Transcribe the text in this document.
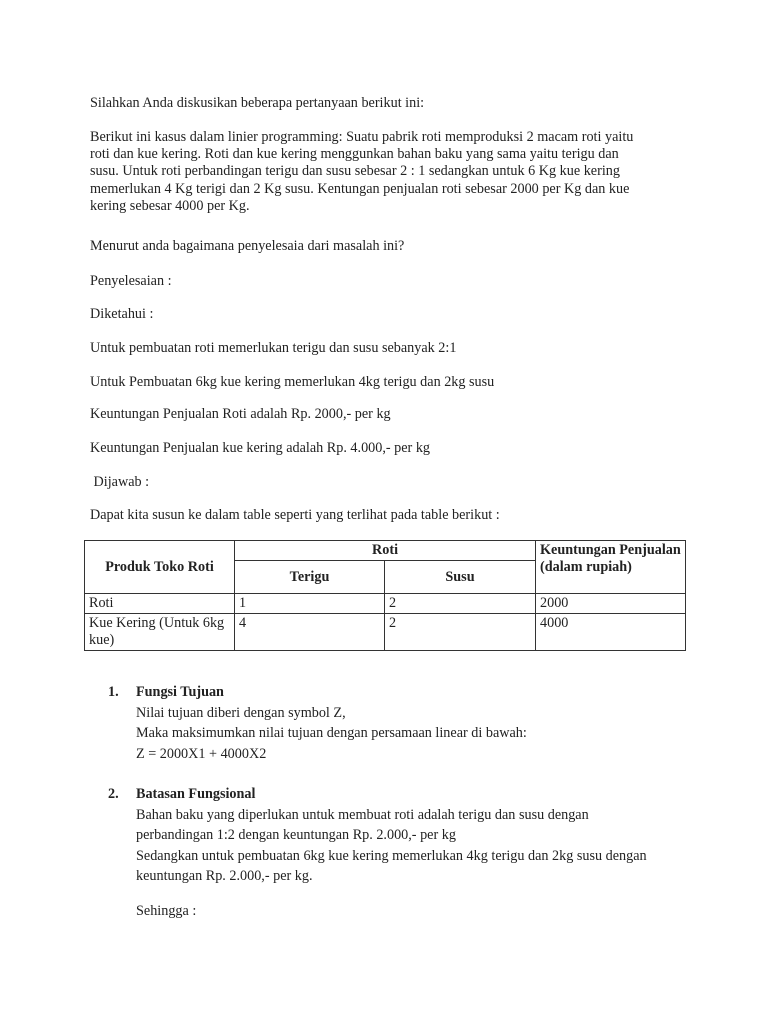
Silahkan Anda diskusikan beberapa pertanyaan berikut ini:
Berikut ini kasus dalam linier programming: Suatu pabrik roti memproduksi 2 macam roti yaitu
roti dan kue kering. Roti dan kue kering menggunkan bahan baku yang sama yaitu terigu dan
susu. Untuk roti perbandingan terigu dan susu sebesar 2 : 1 sedangkan untuk 6 Kg kue kering
memerlukan 4 Kg terigi dan 2 Kg susu. Kentungan penjualan roti sebesar 2000 per Kg dan kue
kering sebesar 4000 per Kg.
Menurut anda bagaimana penyelesaia dari masalah ini?
Penyelesaian :
Diketahui :
Untuk pembuatan roti memerlukan terigu dan susu sebanyak 2:1
Untuk Pembuatan 6kg kue kering memerlukan 4kg terigu dan 2kg susu
Keuntungan Penjualan Roti adalah Rp. 2000,- per kg
Keuntungan Penjualan kue kering adalah Rp. 4.000,- per kg
Dijawab :
Dapat kita susun ke dalam table seperti yang terlihat pada table berikut :
Produk Toko Roti	Roti		Keuntungan Penjualan (dalam rupiah)
	Terigu	Susu	
Roti	1	2	2000
Kue Kering (Untuk 6kg kue)	4	2	4000
1. Fungsi Tujuan
Nilai tujuan diberi dengan symbol Z,
Maka maksimumkan nilai tujuan dengan persamaan linear di bawah:
Z = 2000X1 + 4000X2
2. Batasan Fungsional
Bahan baku yang diperlukan untuk membuat roti adalah terigu dan susu dengan
perbandingan 1:2 dengan keuntungan Rp. 2.000,- per kg
Sedangkan untuk pembuatan 6kg kue kering memerlukan 4kg terigu dan 2kg susu dengan
keuntungan Rp. 2.000,- per kg.
Sehingga :
